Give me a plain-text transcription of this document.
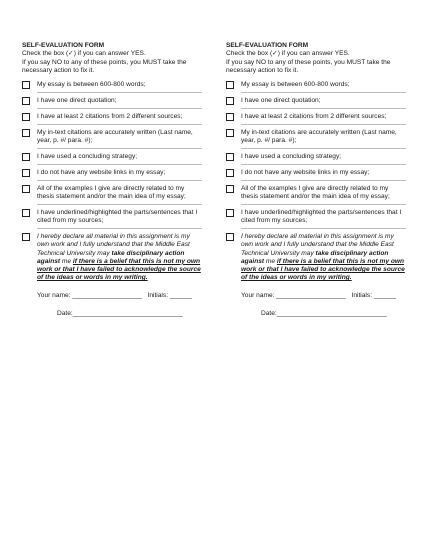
SELF-EVALUATION FORM

Check the box (✓) if you can answer YES.

If you say NO to any of these points, you MUST take the necessary action to fix it.

My essay is between 600-800 words;
I have one direct quotation;
I have at least 2 citations from 2 different sources;
My in-text citations are accurately written (Last name, year, p. #/ para. #);
I have used a concluding strategy;
I do not have any website links in my essay;
All of the examples I give are directly related to my thesis statement and/or the main idea of my essay;
I have underlined/highlighted the parts/sentences that I cited from my sources;
I hereby declare all material in this assignment is my own work and I fully understand that the Middle East Technical University may take disciplinary action against me if there is a belief that this is not my own work or that I have failed to acknowledge the source of the ideas or words in my writing.
Your name: ___________________ Initials: ______
Date:______________________________

SELF-EVALUATION FORM

Check the box (✓) if you can answer YES.

If you say NO to any of these points, you MUST take the necessary action to fix it.

My essay is between 600-800 words;
I have one direct quotation;
I have at least 2 citations from 2 different sources;
My in-text citations are accurately written (Last name, year, p. #/ para. #);
I have used a concluding strategy;
I do not have any website links in my essay;
All of the examples I give are directly related to my thesis statement and/or the main idea of my essay;
I have underlined/highlighted the parts/sentences that I cited from my sources;
I hereby declare all material in this assignment is my own work and I fully understand that the Middle East Technical University may take disciplinary action against me if there is a belief that this is not my own work or that I have failed to acknowledge the source of the ideas or words in my writing.
Your name: ___________________ Initials: ______
Date:______________________________
